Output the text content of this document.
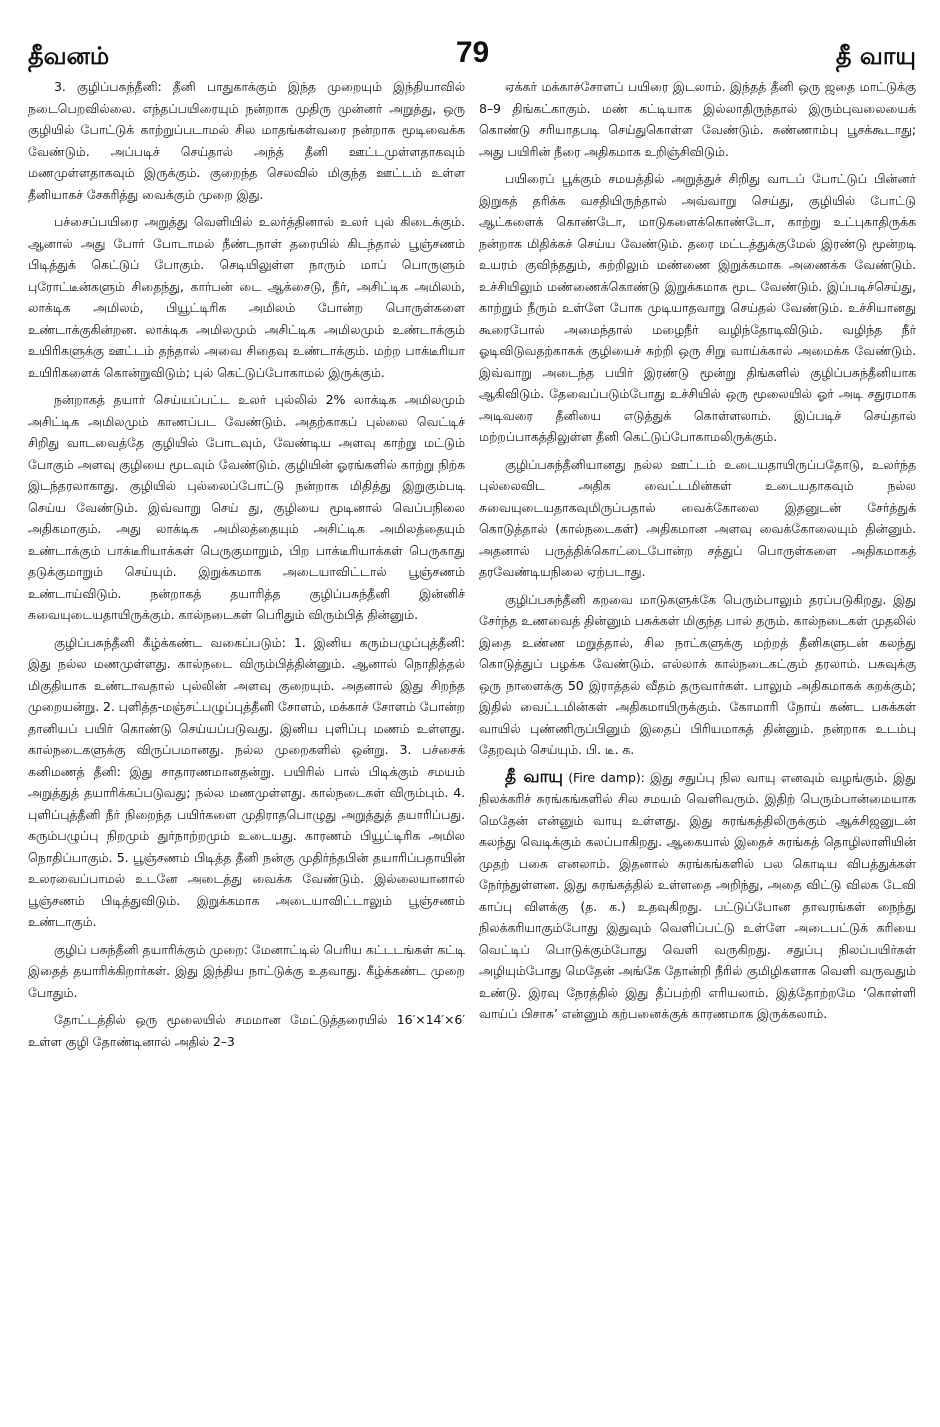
தீவனம்	79	தீ வாயு

3. குழிப்பசுந்தீனி: தீனி பாதுகாக்கும் இந்த முறையும் இந்தியாவில் நடைபெறவில்லை. எந்தப்பயிரையும் நன்றாக முதிரு முன்னர் அறுத்து, ஒரு குழியில் போட்டுக் காற்றுப்படாமல் சில மாதங்கள்வரை நன்றாக மூடிவைக்க வேண்டும். அப்படிச் செய்தால் அந்த் தீனி ஊட்டமுள்ளதாகவும் மணமுள்ளதாகவும் இருக்கும். குறைந்த செலவில் மிகுந்த ஊட்டம் உள்ள தீனியாகச் சேகரித்து வைக்கும் முறை இது.

பச்சைப்பயிரை அறுத்து வெளியில் உலர்த்தினால் உலர் புல் கிடைக்கும். ஆனால் அது போர் போடாமல் நீண்டநாள் தரையில் கிடந்தால் பூஞ்சணம் பிடித்துக் கெட்டுப் போகும். செடியிலுள்ள நாரும் மாப் பொருளும் புரோட்டீன்களும் சிதைந்து, கார்பன் டை ஆக்சைடு, நீர், அசிட்டிக அமிலம், லாக்டிக அமிலம், பியூட்டிரிக அமிலம் போன்ற பொருள்களை உண்டாக்குகின்றன. லாக்டிக அமிலமும் அசிட்டிக அமிலமும் உண்டாக்கும் உயிரிகளுக்கு ஊட்டம் தந்தால் அவை சிதைவு உண்டாக்கும். மற்ற பாக்டீரியா உயிரிகளைக் கொன்றுவிடும்; புல் கெட்டுப்போகாமல் இருக்கும்.

நன்றாகத் தயார் செய்யப்பட்ட உலர் புல்லில் 2% லாக்டிக அமிலமும் அசிட்டிக அமிலமும் காணப்பட வேண்டும். அதற்காகப் புல்லை வெட்டிச் சிறிது வாடவைத்தே குழியில் போடவும், வேண்டிய அளவு காற்று மட்டும் போகும் அளவு குழியை மூடவும் வேண்டும். குழியின் ஓரங்களில் காற்று நிற்க இடந்தரலாகாது. குழியில் புல்லைப்போட்டு நன்றாக மிதித்து இறுகும்படி செய்ய வேண்டும். இவ்வாறு செய் து, குழியை மூடினால் வெப்பநிலை அதிகமாகும். அது லாக்டிக அமிலத்தையும் அசிட்டிக அமிலத்தையும் உண்டாக்கும் பாக்டீரியாக்கள் பெருகுமாறும், பிற பாக்டீரியாக்கள் பெருகாது தடுக்குமாறும் செய்யும். இறுக்கமாக அடையாவிட்டால் பூஞ்சணம் உண்டாய்விடும். நன்றாகத் தயாரித்த குழிப்பசுந்தீனி இன்னிச் சுவையுடையதாயிருக்கும். கால்நடைகள் பெரிதும் விரும்பித் தின்னும்.

குழிப்பசுந்தீனி கீழ்க்கண்ட வகைப்படும்: 1. இனிய கரும்பழுப்புத்தீனி: இது நல்ல மணமுள்ளது. கால்நடை விரும்பித்தின்னும். ஆனால் நொதித்தல் மிகுதியாக உண்டாவதால் புல்லின் அளவு குறையும். அதனால் இது சிறந்த முறையன்று. 2. புளித்த-மஞ்சட்பழுப்புத்தீனி சோளம், மக்காச் சோளம் போன்ற தானியப் பயிர் கொண்டு செய்யப்படுவது. இனிய புளிப்பு மணம் உள்ளது. கால்நடைகளுக்கு விருப்பமானது. நல்ல முறைகளில் ஒன்று. 3. பச்சைக் கனிமணத் தீனி: இது சாதாரணமானதன்று. பயிரில் பால் பிடிக்கும் சமயம் அறுத்துத் தயாரிக்கப்படுவது; நல்ல மணமுள்ளது. கால்நடைகள் விரும்பும். 4. புளிப்புத்தீனி நீர் நிறைந்த பயிர்களை முதிராதபொழுது அறுத்துத் தயாரிப்பது. கரும்பழுப்பு நிறமும் துர்நாற்றமும் உடையது. காரணம் பியூட்டிரிக அமில நொதிப்பாகும். 5. பூஞ்சணம் பிடித்த தீனி நன்கு முதிர்ந்தபின் தயாரிப்பதாயின் உலரவைப்பாமல் உடனே அடைத்து வைக்க வேண்டும். இல்லையானால் பூஞ்சணம் பிடித்துவிடும். இறுக்கமாக அடையாவிட்டாலும் பூஞ்சணம் உண்டாகும்.

குழிப் பசுந்தீனி தயாரிக்கும் முறை: மேனாட்டில் பெரிய கட்டடங்கள் கட்டி இதைத் தயாரிக்கிறார்கள். இது இந்திய நாட்டுக்கு உதவாது. கீழ்க்கண்ட முறை போதும்.

தோட்டத்தில் ஒரு மூலையில் சமமான மேட்டுத்தரையில் 16′×14′×6′ உள்ள குழி தோண்டினால் அதில் 2–3

ஏக்கர் மக்காச்சோளப் பயிரை இடலாம். இந்தத் தீனி ஒரு ஜதை மாட்டுக்கு 8–9 திங்கட்காகும். மண் கட்டியாக இல்லாதிருந்தால் இரும்புவலையைக் கொண்டு சரியாதபடி செய்துகொள்ள வேண்டும். சுண்ணாம்பு பூசக்கூடாது; அது பயிரின் நீரை அதிகமாக உறிஞ்சிவிடும்.

பயிரைப் பூக்கும் சமயத்தில் அறுத்துச் சிறிது வாடப் போட்டுப் பின்னர் இறுகத் தரிக்க வசதியிருந்தால் அவ்வாறு செய்து, குழியில் போட்டு ஆட்களைக் கொண்டோ, மாடுகளைக்கொண்டோ, காற்று உட்புகாதிருக்க நன்றாக மிதிக்கச் செய்ய வேண்டும். தரை மட்டத்துக்குமேல் இரண்டு மூன்றடி உயரம் குவிந்ததும், சுற்றிலும் மண்ணை இறுக்கமாக அணைக்க வேண்டும். உச்சியிலும் மண்ணைக்கொண்டு இறுக்கமாக மூட வேண்டும். இப்படிச்செய்து, காற்றும் நீரும் உள்ளே போக முடியாதவாறு செய்தல் வேண்டும். உச்சியானது கூரைபோல் அமைந்தால் மழைநீர் வழிந்தோடிவிடும். வழிந்த நீர் ஓடிவிடுவதற்காகக் குழியைச் சுற்றி ஒரு சிறு வாய்க்கால் அமைக்க வேண்டும். இவ்வாறு அடைந்த பயிர் இரண்டு மூன்று திங்களில் குழிப்பசுந்தீனியாக ஆகிவிடும். தேவைப்படும்போது உச்சியில் ஒரு மூலையில் ஓர் அடி சதுரமாக அடிவரை தீனியை எடுத்துக் கொள்ளலாம். இப்படிச் செய்தால் மற்றப்பாகத்திலுள்ள தீனி கெட்டுப்போகாமலிருக்கும்.

குழிப்பசுந்தீனியானது நல்ல ஊட்டம் உடையதாயிருப்பதோடு, உலர்ந்த புல்லைவிட அதிக வைட்டமின்கள் உடையதாகவும் நல்ல சுவையுடையதாகவுமிருப்பதால் வைக்கோலை இதனுடன் சேர்த்துக் கொடுத்தால் (கால்நடைகள்) அதிகமான அளவு வைக்கோலையும் தின்னும். அதனால் பருத்திக்கொட்டைபோன்ற சத்துப் பொருள்களை அதிகமாகத் தரவேண்டியநிலை ஏற்படாது.

குழிப்பசுந்தீனி கறவை மாடுகளுக்கே பெரும்பாலும் தரப்படுகிறது. இது சேர்ந்த உணவைத் தின்னும் பசுக்கள் மிகுந்த பால் தரும். கால்நடைகள் முதலில் இதை உண்ண மறுத்தால், சில நாட்களுக்கு மற்றத் தீனிகளுடன் கலந்து கொடுத்துப் பழக்க வேண்டும். எல்லாக் கால்நடைகட்கும் தரலாம். பசுவுக்கு ஒரு நாளைக்கு 50 இராத்தல் வீதம் தருவார்கள். பாலும் அதிகமாகக் கறக்கும்; இதில் வைட்டமின்கள் அதிகமாயிருக்கும். கோமாரி நோய் கண்ட பசுக்கள் வாயில் புண்ணிருப்பினும் இதைப் பிரியமாகத் தின்னும். நன்றாக உடம்பு தேறவும் செய்யும். பி. டீ. க.

தீ வாயு (Fire damp): இது சதுப்பு நில வாயு எனவும் வழங்கும். இது நிலக்கரிச் சுரங்கங்களில் சில சமயம் வெளிவரும். இதிற் பெரும்பான்மையாக மெதேன் என்னும் வாயு உள்ளது. இது சுரங்கத்திலிருக்கும் ஆக்சிஜனுடன் கலந்து வெடிக்கும் கலப்பாகிறது. ஆகையால் இதைச் சுரங்கத் தொழிலாளியின் முதற் பகை எனலாம். இதனால் சுரங்கங்களில் பல கொடிய விபத்துக்கள் நேர்ந்துள்ளன. இது சுரங்கத்தில் உள்ளதை அறிந்து, அதை விட்டு விலக டேவி காப்பு விளக்கு (த. க.) உதவுகிறது. பட்டுப்போன தாவரங்கள் நைந்து நிலக்கரியாகும்போது இதுவும் வெளிப்பட்டு உள்ளே அடைபட்டுக் கரியை வெட்டிப் பொடுக்கும்போது வெளி வருகிறது. சதுப்பு நிலப்பயிர்கள் அழியும்போது மெதேன் அங்கே தோன்றி நீரில் குமிழிகளாக வெளி வருவதும் உண்டு. இரவு நேரத்தில் இது தீப்பற்றி எரியலாம். இத்தோற்றமே ‘கொள்ளி வாய்ப் பிசாசு’ என்னும் கற்பனைக்குக் காரணமாக இருக்கலாம்.
